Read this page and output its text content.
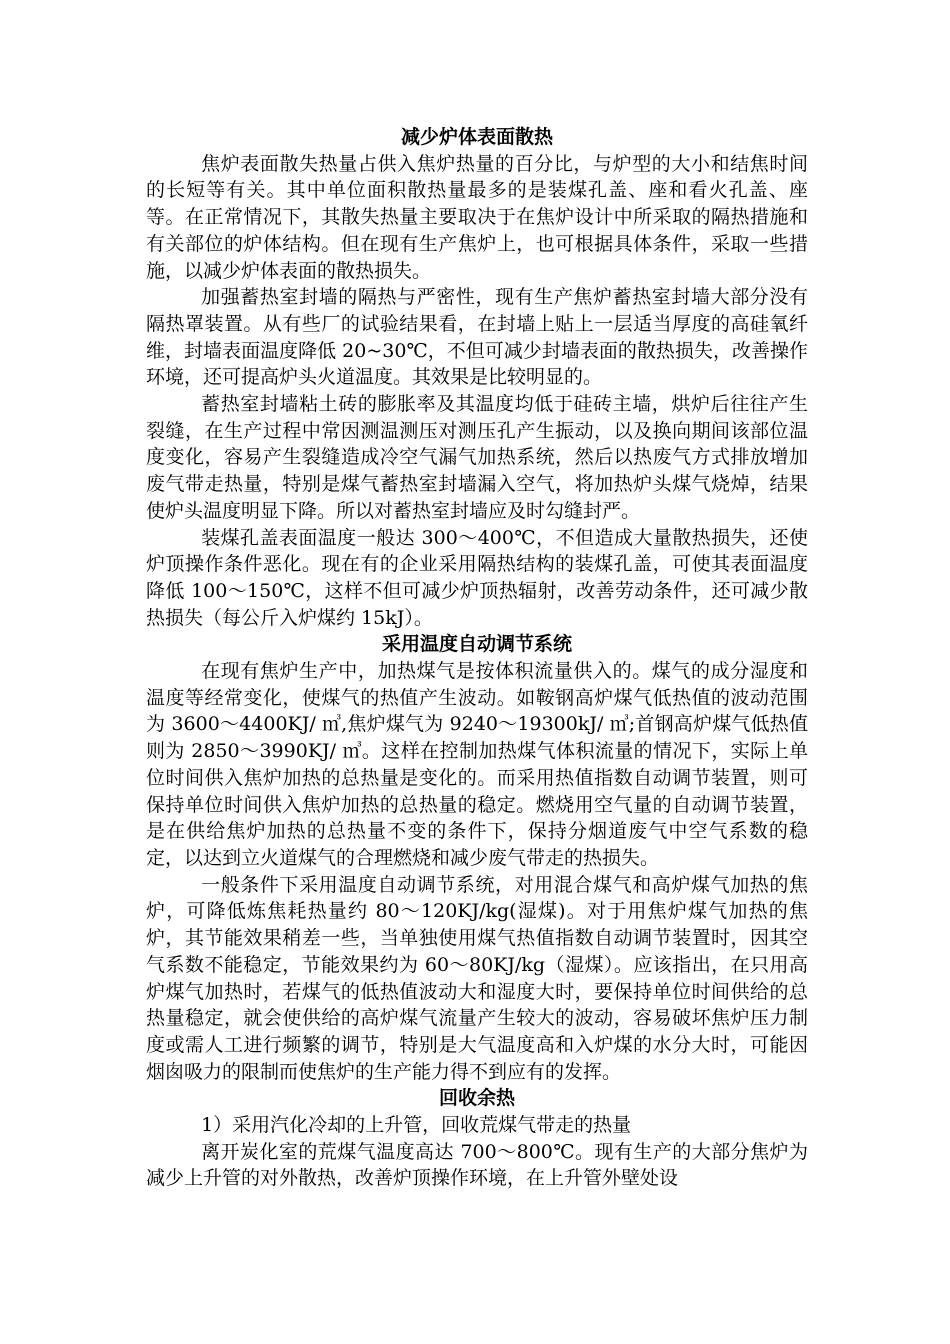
减少炉体表面散热

焦炉表面散失热量占供入焦炉热量的百分比，与炉型的大小和结焦时间的长短等有关。其中单位面积散热量最多的是装煤孔盖、座和看火孔盖、座等。在正常情况下，其散失热量主要取决于在焦炉设计中所采取的隔热措施和有关部位的炉体结构。但在现有生产焦炉上，也可根据具体条件，采取一些措施，以减少炉体表面的散热损失。

加强蓄热室封墙的隔热与严密性，现有生产焦炉蓄热室封墙大部分没有隔热罩装置。从有些厂的试验结果看，在封墙上贴上一层适当厚度的高硅氧纤维，封墙表面温度降低 20~30℃，不但可减少封墙表面的散热损失，改善操作环境，还可提高炉头火道温度。其效果是比较明显的。

蓄热室封墙粘土砖的膨胀率及其温度均低于硅砖主墙，烘炉后往往产生裂缝，在生产过程中常因测温测压对测压孔产生振动，以及换向期间该部位温度变化，容易产生裂缝造成冷空气漏气加热系统，然后以热废气方式排放增加废气带走热量，特别是煤气蓄热室封墙漏入空气，将加热炉头煤气烧焯，结果使炉头温度明显下降。所以对蓄热室封墙应及时勾缝封严。

装煤孔盖表面温度一般达 300～400℃，不但造成大量散热损失，还使炉顶操作条件恶化。现在有的企业采用隔热结构的装煤孔盖，可使其表面温度降低 100～150℃，这样不但可减少炉顶热辐射，改善劳动条件，还可减少散热损失（每公斤入炉煤约 15kJ）。

采用温度自动调节系统

在现有焦炉生产中，加热煤气是按体积流量供入的。煤气的成分湿度和温度等经常变化，使煤气的热值产生波动。如鞍钢高炉煤气低热值的波动范围为 3600～4400KJ/ ㎥,焦炉煤气为 9240～19300kJ/ ㎥;首钢高炉煤气低热值则为 2850～3990KJ/ ㎥。这样在控制加热煤气体积流量的情况下，实际上单位时间供入焦炉加热的总热量是变化的。而采用热值指数自动调节装置，则可保持单位时间供入焦炉加热的总热量的稳定。燃烧用空气量的自动调节装置，是在供给焦炉加热的总热量不变的条件下，保持分烟道废气中空气系数的稳定，以达到立火道煤气的合理燃烧和减少废气带走的热损失。

一般条件下采用温度自动调节系统，对用混合煤气和高炉煤气加热的焦炉，可降低炼焦耗热量约 80～120KJ/kg(湿煤)。对于用焦炉煤气加热的焦炉，其节能效果稍差一些，当单独使用煤气热值指数自动调节装置时，因其空气系数不能稳定，节能效果约为 60～80KJ/kg（湿煤）。应该指出，在只用高炉煤气加热时，若煤气的低热值波动大和湿度大时，要保持单位时间供给的总热量稳定，就会使供给的高炉煤气流量产生较大的波动，容易破坏焦炉压力制度或需人工进行频繁的调节，特别是大气温度高和入炉煤的水分大时，可能因烟囱吸力的限制而使焦炉的生产能力得不到应有的发挥。

回收余热

1）采用汽化冷却的上升管，回收荒煤气带走的热量

离开炭化室的荒煤气温度高达 700～800℃。现有生产的大部分焦炉为减少上升管的对外散热，改善炉顶操作环境，在上升管外壁处设
